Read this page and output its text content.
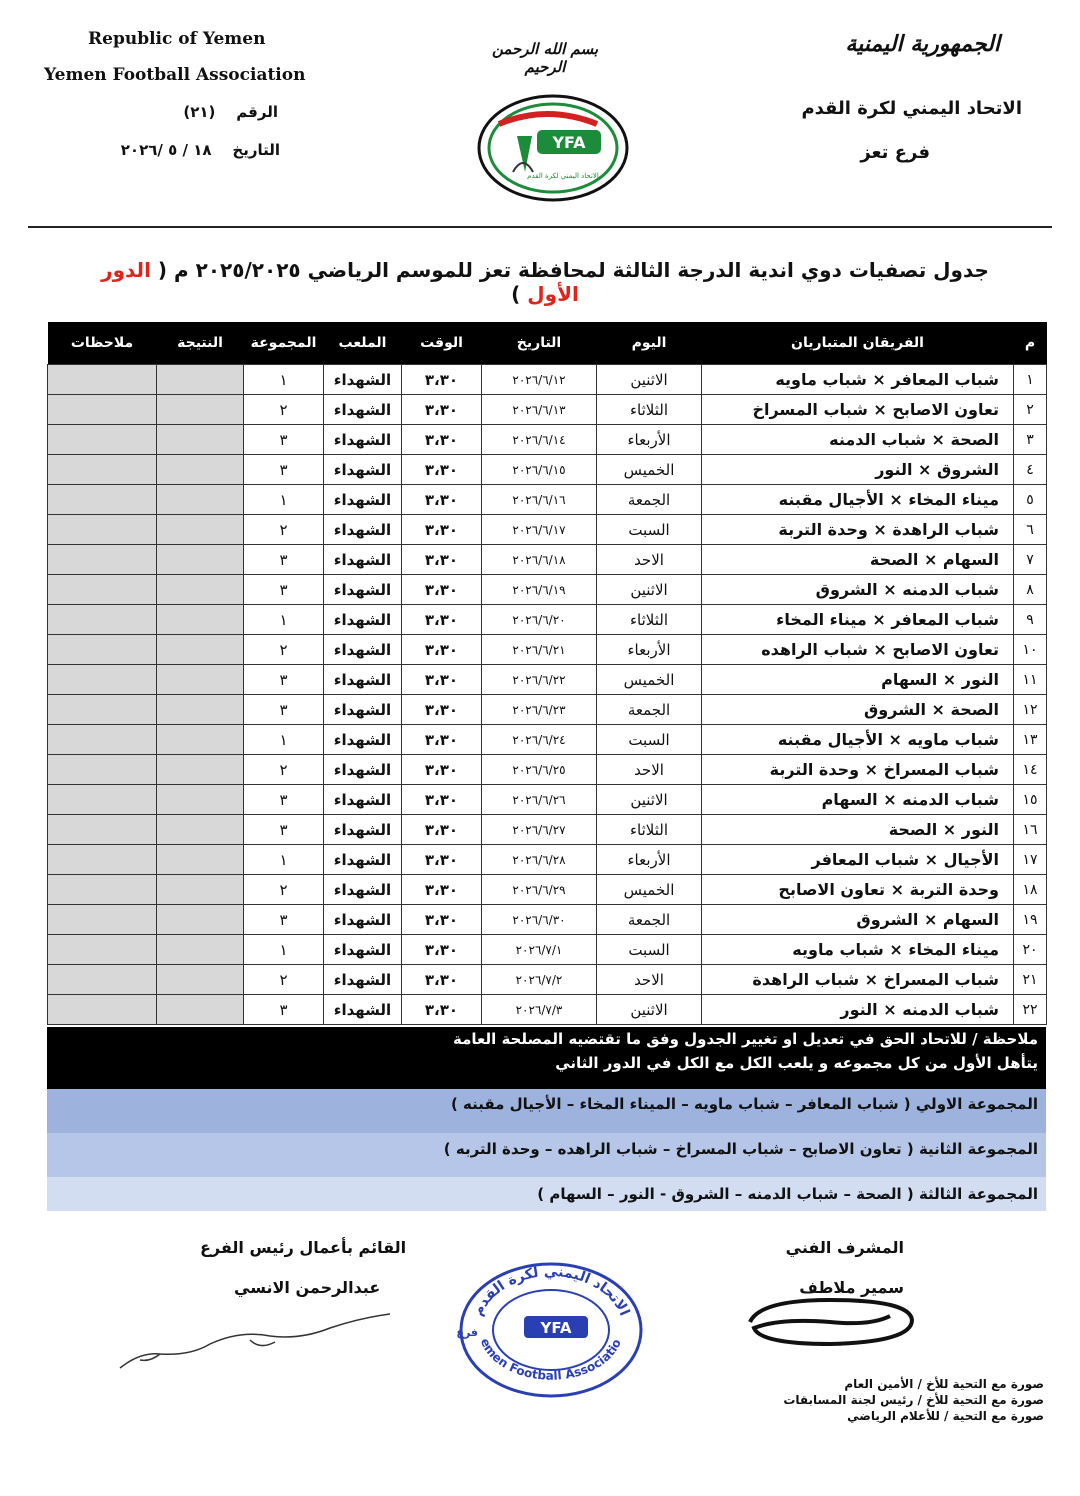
Republic of Yemen
Yemen Football Association
الرقم    (٢١)
التاريخ    ١٨ / ٥ /٢٠٢٦
بسم الله الرحمن الرحيم
YFA
الاتحاد اليمني لكرة القدم
الجمهورية اليمنية
الاتحاد اليمني لكرة القدم
فرع تعز
جدول تصفيات دوي اندية الدرجة الثالثة لمحافظة تعز للموسم الرياضي ٢٠٢٥/٢٠٢٥ م ( الدور الأول )
م	الفريقان المتباريان	اليوم	التاريخ	الوقت	الملعب	المجموعة	النتيجة	ملاحظات
١	شباب المعافر × شباب ماويه	الاثنين	٢٠٢٦/٦/١٢	٣،٣٠	الشهداء	١		
٢	تعاون الاصابح × شباب المسراخ	الثلاثاء	٢٠٢٦/٦/١٣	٣،٣٠	الشهداء	٢		
٣	الصحة × شباب الدمنه	الأربعاء	٢٠٢٦/٦/١٤	٣،٣٠	الشهداء	٣		
٤	الشروق × النور	الخميس	٢٠٢٦/٦/١٥	٣،٣٠	الشهداء	٣		
٥	ميناء المخاء × الأجيال مقبنه	الجمعة	٢٠٢٦/٦/١٦	٣،٣٠	الشهداء	١		
٦	شباب الراهدة × وحدة التربة	السبت	٢٠٢٦/٦/١٧	٣،٣٠	الشهداء	٢		
٧	السهام × الصحة	الاحد	٢٠٢٦/٦/١٨	٣،٣٠	الشهداء	٣		
٨	شباب الدمنه × الشروق	الاثنين	٢٠٢٦/٦/١٩	٣،٣٠	الشهداء	٣		
٩	شباب المعافر × ميناء المخاء	الثلاثاء	٢٠٢٦/٦/٢٠	٣،٣٠	الشهداء	١		
١٠	تعاون الاصابح × شباب الراهده	الأربعاء	٢٠٢٦/٦/٢١	٣،٣٠	الشهداء	٢		
١١	النور × السهام	الخميس	٢٠٢٦/٦/٢٢	٣،٣٠	الشهداء	٣		
١٢	الصحة × الشروق	الجمعة	٢٠٢٦/٦/٢٣	٣،٣٠	الشهداء	٣		
١٣	شباب ماويه × الأجيال مقبنه	السبت	٢٠٢٦/٦/٢٤	٣،٣٠	الشهداء	١		
١٤	شباب المسراخ × وحدة التربة	الاحد	٢٠٢٦/٦/٢٥	٣،٣٠	الشهداء	٢		
١٥	شباب الدمنه × السهام	الاثنين	٢٠٢٦/٦/٢٦	٣،٣٠	الشهداء	٣		
١٦	النور × الصحة	الثلاثاء	٢٠٢٦/٦/٢٧	٣،٣٠	الشهداء	٣		
١٧	الأجيال × شباب المعافر	الأربعاء	٢٠٢٦/٦/٢٨	٣،٣٠	الشهداء	١		
١٨	وحدة التربة × تعاون الاصابح	الخميس	٢٠٢٦/٦/٢٩	٣،٣٠	الشهداء	٢		
١٩	السهام × الشروق	الجمعة	٢٠٢٦/٦/٣٠	٣،٣٠	الشهداء	٣		
٢٠	ميناء المخاء × شباب ماويه	السبت	٢٠٢٦/٧/١	٣،٣٠	الشهداء	١		
٢١	شباب المسراخ × شباب الراهدة	الاحد	٢٠٢٦/٧/٢	٣،٣٠	الشهداء	٢		
٢٢	شباب الدمنه × النور	الاثنين	٢٠٢٦/٧/٣	٣،٣٠	الشهداء	٣		
ملاحظة / للاتحاد الحق في تعديل او تغيير الجدول وفق ما تقتضيه المصلحة العامة
يتأهل الأول من كل مجموعه و يلعب الكل مع الكل في الدور الثاني
المجموعة الاولي ( شباب المعافر – شباب ماويه – الميناء المخاء – الأجيال مقبنه )
المجموعة الثانية ( تعاون الاصابح – شباب المسراخ – شباب الراهده – وحدة التربه )
المجموعة الثالثة ( الصحة – شباب الدمنه – الشروق - النور – السهام )
القائم بأعمال رئيس الفرع
عبدالرحمن الانسي
المشرف الفني
سمير ملاطف
الاتحاد اليمني لكرة القدم
emen Football Associatio
YFA
فرع
صورة مع التحية للأخ / الأمين العام
صورة مع التحية للأخ / رئيس لجنة المسابقات
صورة مع التحية / للأعلام الرياضي
